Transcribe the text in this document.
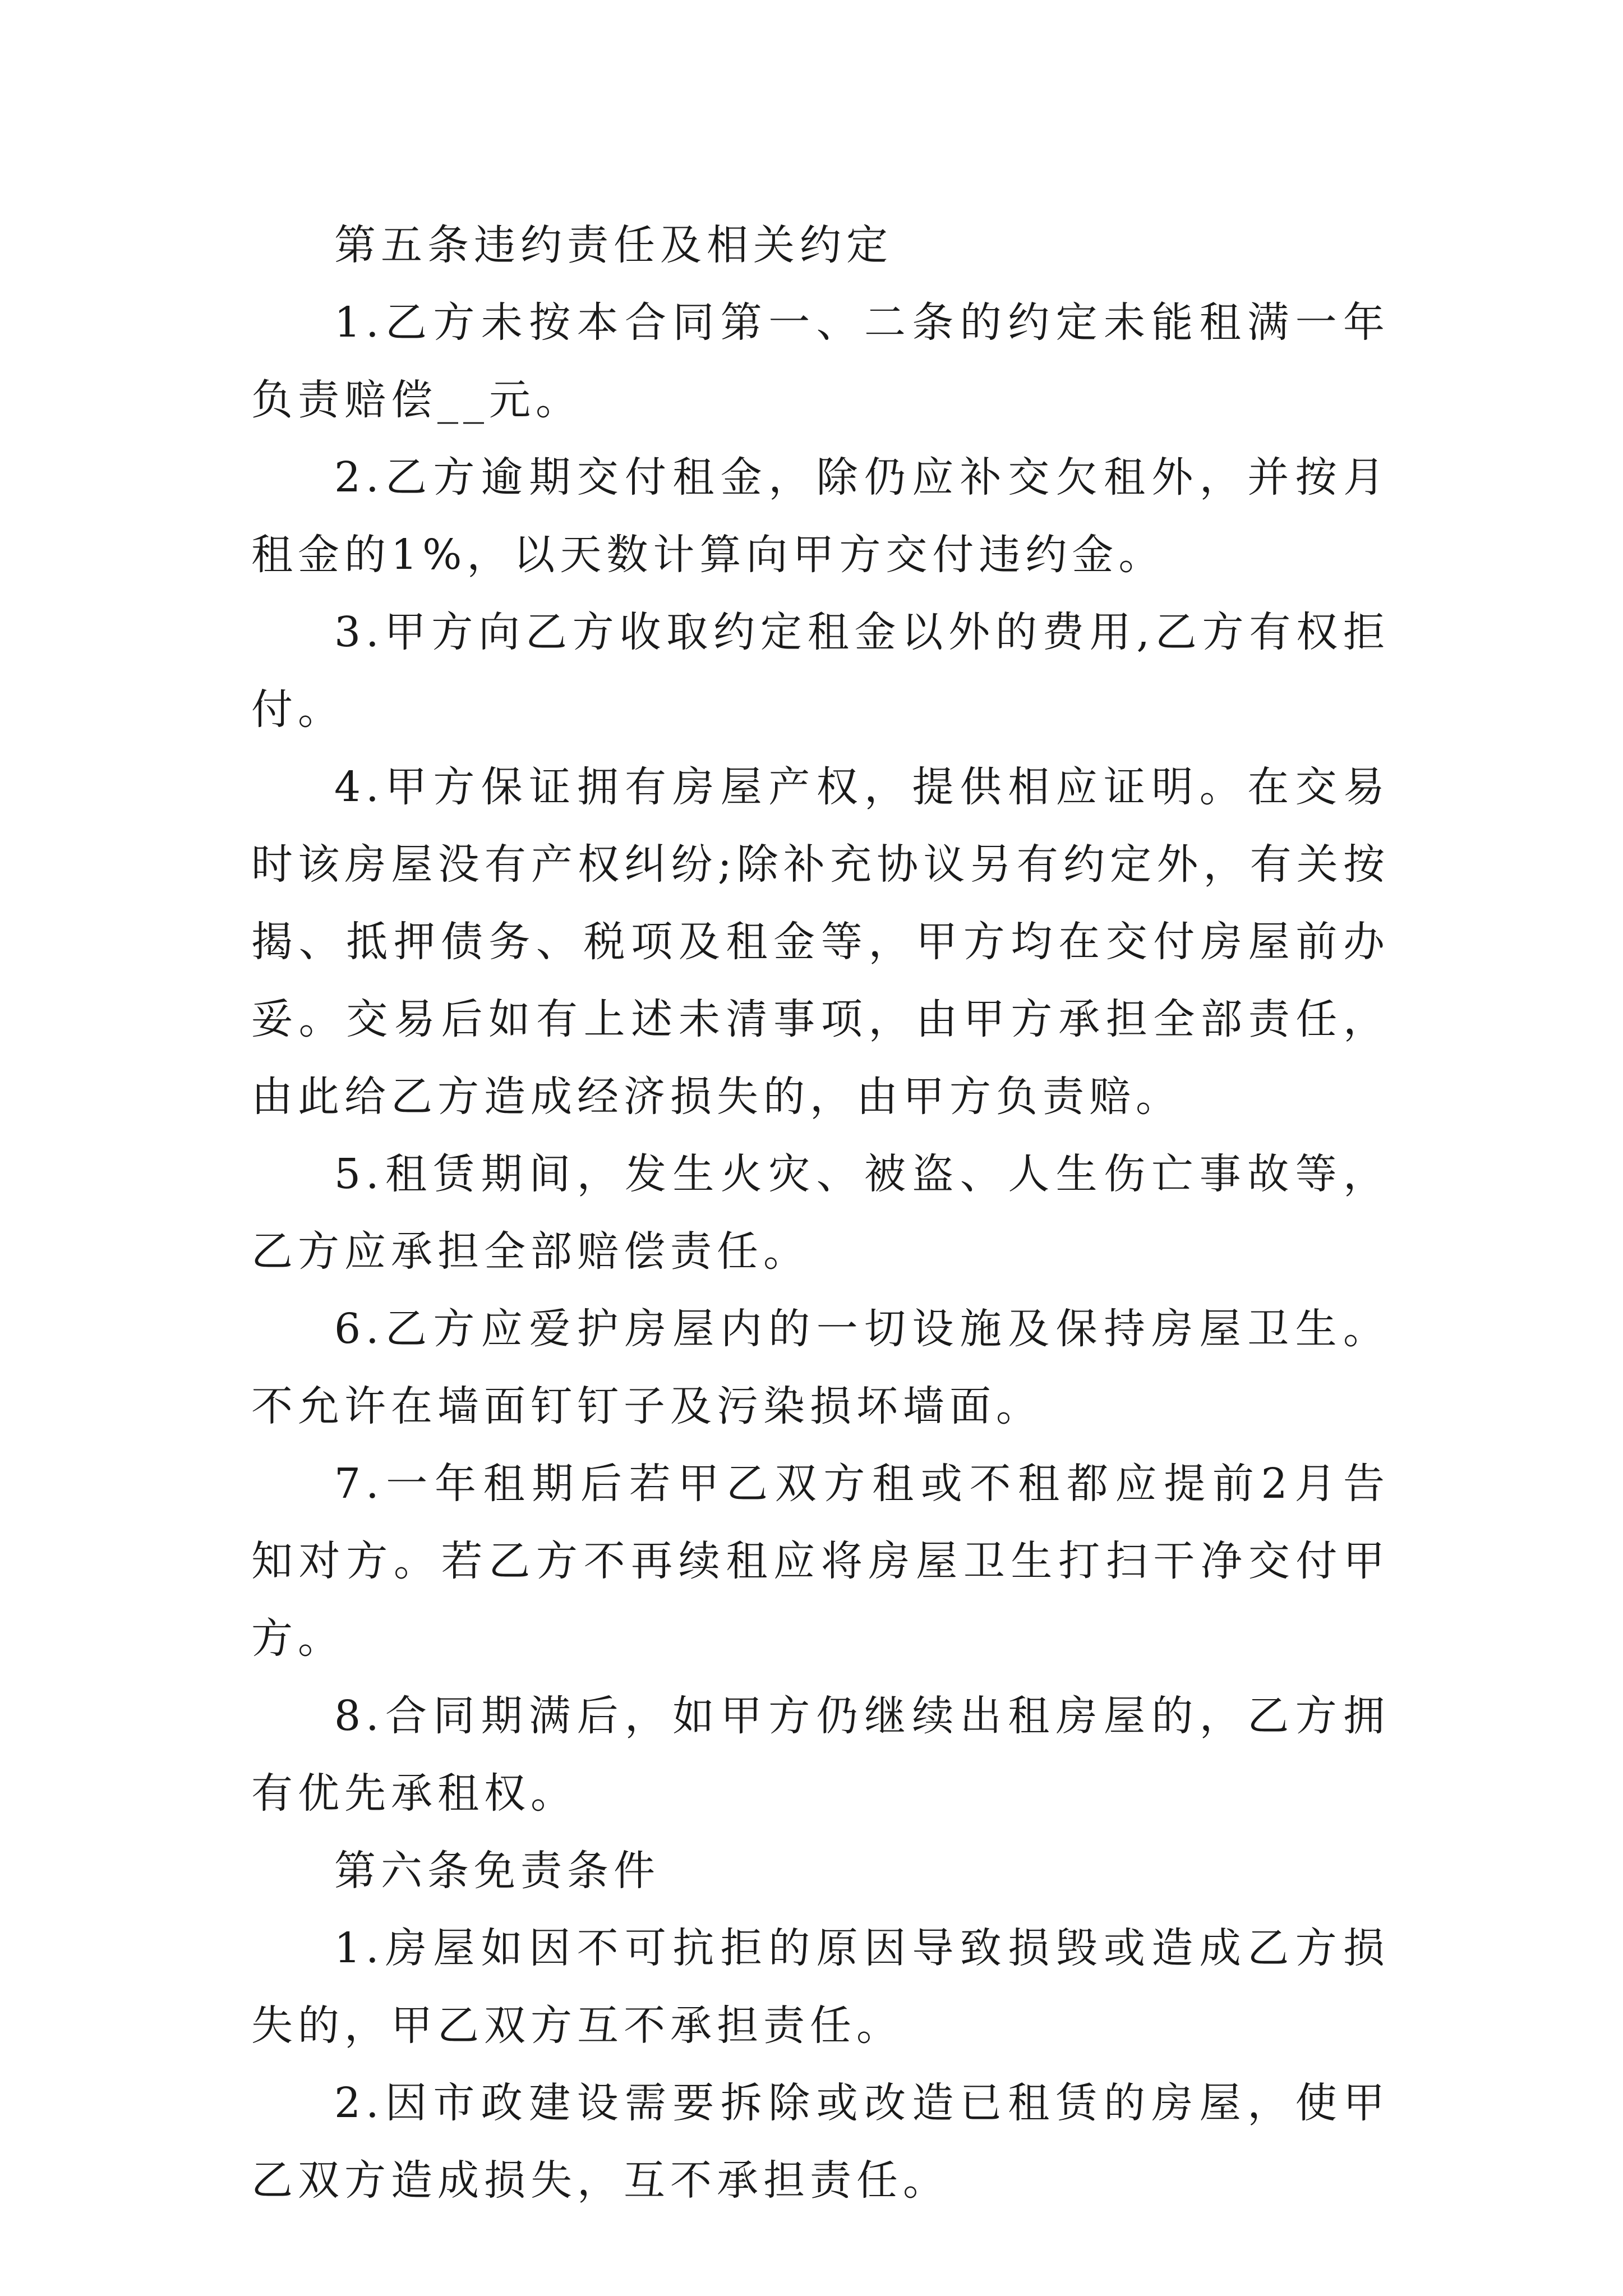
第五条违约责任及相关约定

1.乙方未按本合同第一、二条的约定未能租满一年负责赔偿__元。

2.乙方逾期交付租金，除仍应补交欠租外，并按月租金的1%，以天数计算向甲方交付违约金。

3.甲方向乙方收取约定租金以外的费用,乙方有权拒付。

4.甲方保证拥有房屋产权，提供相应证明。在交易时该房屋没有产权纠纷;除补充协议另有约定外，有关按揭、抵押债务、税项及租金等，甲方均在交付房屋前办妥。交易后如有上述未清事项，由甲方承担全部责任，由此给乙方造成经济损失的，由甲方负责赔。

5.租赁期间，发生火灾、被盗、人生伤亡事故等，乙方应承担全部赔偿责任。

6.乙方应爱护房屋内的一切设施及保持房屋卫生。不允许在墙面钉钉子及污染损坏墙面。

7.一年租期后若甲乙双方租或不租都应提前2月告知对方。若乙方不再续租应将房屋卫生打扫干净交付甲方。

8.合同期满后，如甲方仍继续出租房屋的，乙方拥有优先承租权。

第六条免责条件

1.房屋如因不可抗拒的原因导致损毁或造成乙方损失的，甲乙双方互不承担责任。

2.因市政建设需要拆除或改造已租赁的房屋，使甲乙双方造成损失，互不承担责任。
